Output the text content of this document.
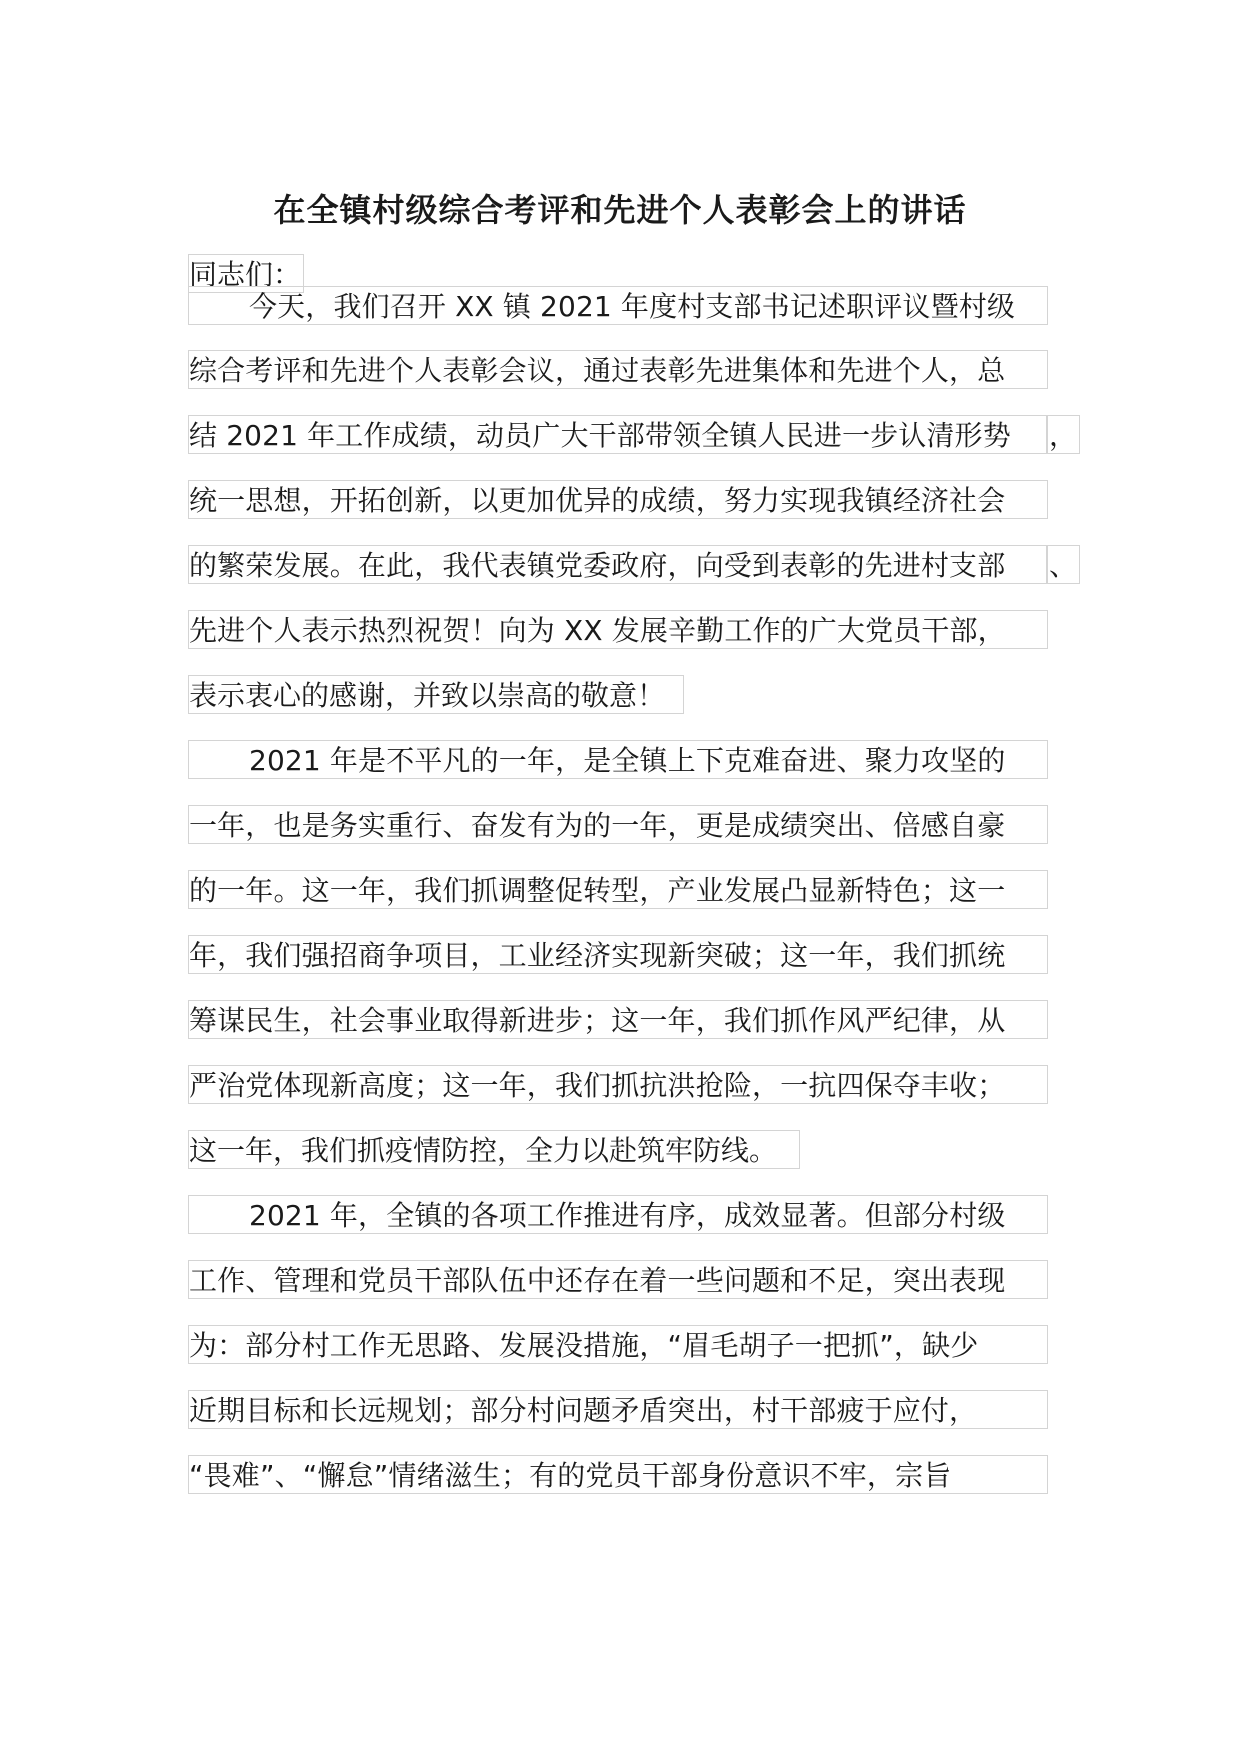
在全镇村级综合考评和先进个人表彰会上的讲话
同志们：
今天，我们召开 XX 镇 2021 年度村支部书记述职评议暨村级
综合考评和先进个人表彰会议，通过表彰先进集体和先进个人，总
结 2021 年工作成绩，动员广大干部带领全镇人民进一步认清形势	，
统一思想，开拓创新，以更加优异的成绩，努力实现我镇经济社会
的繁荣发展。在此，我代表镇党委政府，向受到表彰的先进村支部	、
先进个人表示热烈祝贺！向为 XX 发展辛勤工作的广大党员干部，
表示衷心的感谢，并致以崇高的敬意！
2021 年是不平凡的一年，是全镇上下克难奋进、聚力攻坚的
一年，也是务实重行、奋发有为的一年，更是成绩突出、倍感自豪
的一年。这一年，我们抓调整促转型，产业发展凸显新特色；这一
年，我们强招商争项目，工业经济实现新突破；这一年，我们抓统
筹谋民生，社会事业取得新进步；这一年，我们抓作风严纪律，从
严治党体现新高度；这一年，我们抓抗洪抢险，一抗四保夺丰收；
这一年，我们抓疫情防控，全力以赴筑牢防线。
2021 年，全镇的各项工作推进有序，成效显著。但部分村级
工作、管理和党员干部队伍中还存在着一些问题和不足，突出表现
为：部分村工作无思路、发展没措施，“眉毛胡子一把抓”，缺少
近期目标和长远规划；部分村问题矛盾突出，村干部疲于应付，
“畏难”、“懈怠”情绪滋生；有的党员干部身份意识不牢，宗旨
